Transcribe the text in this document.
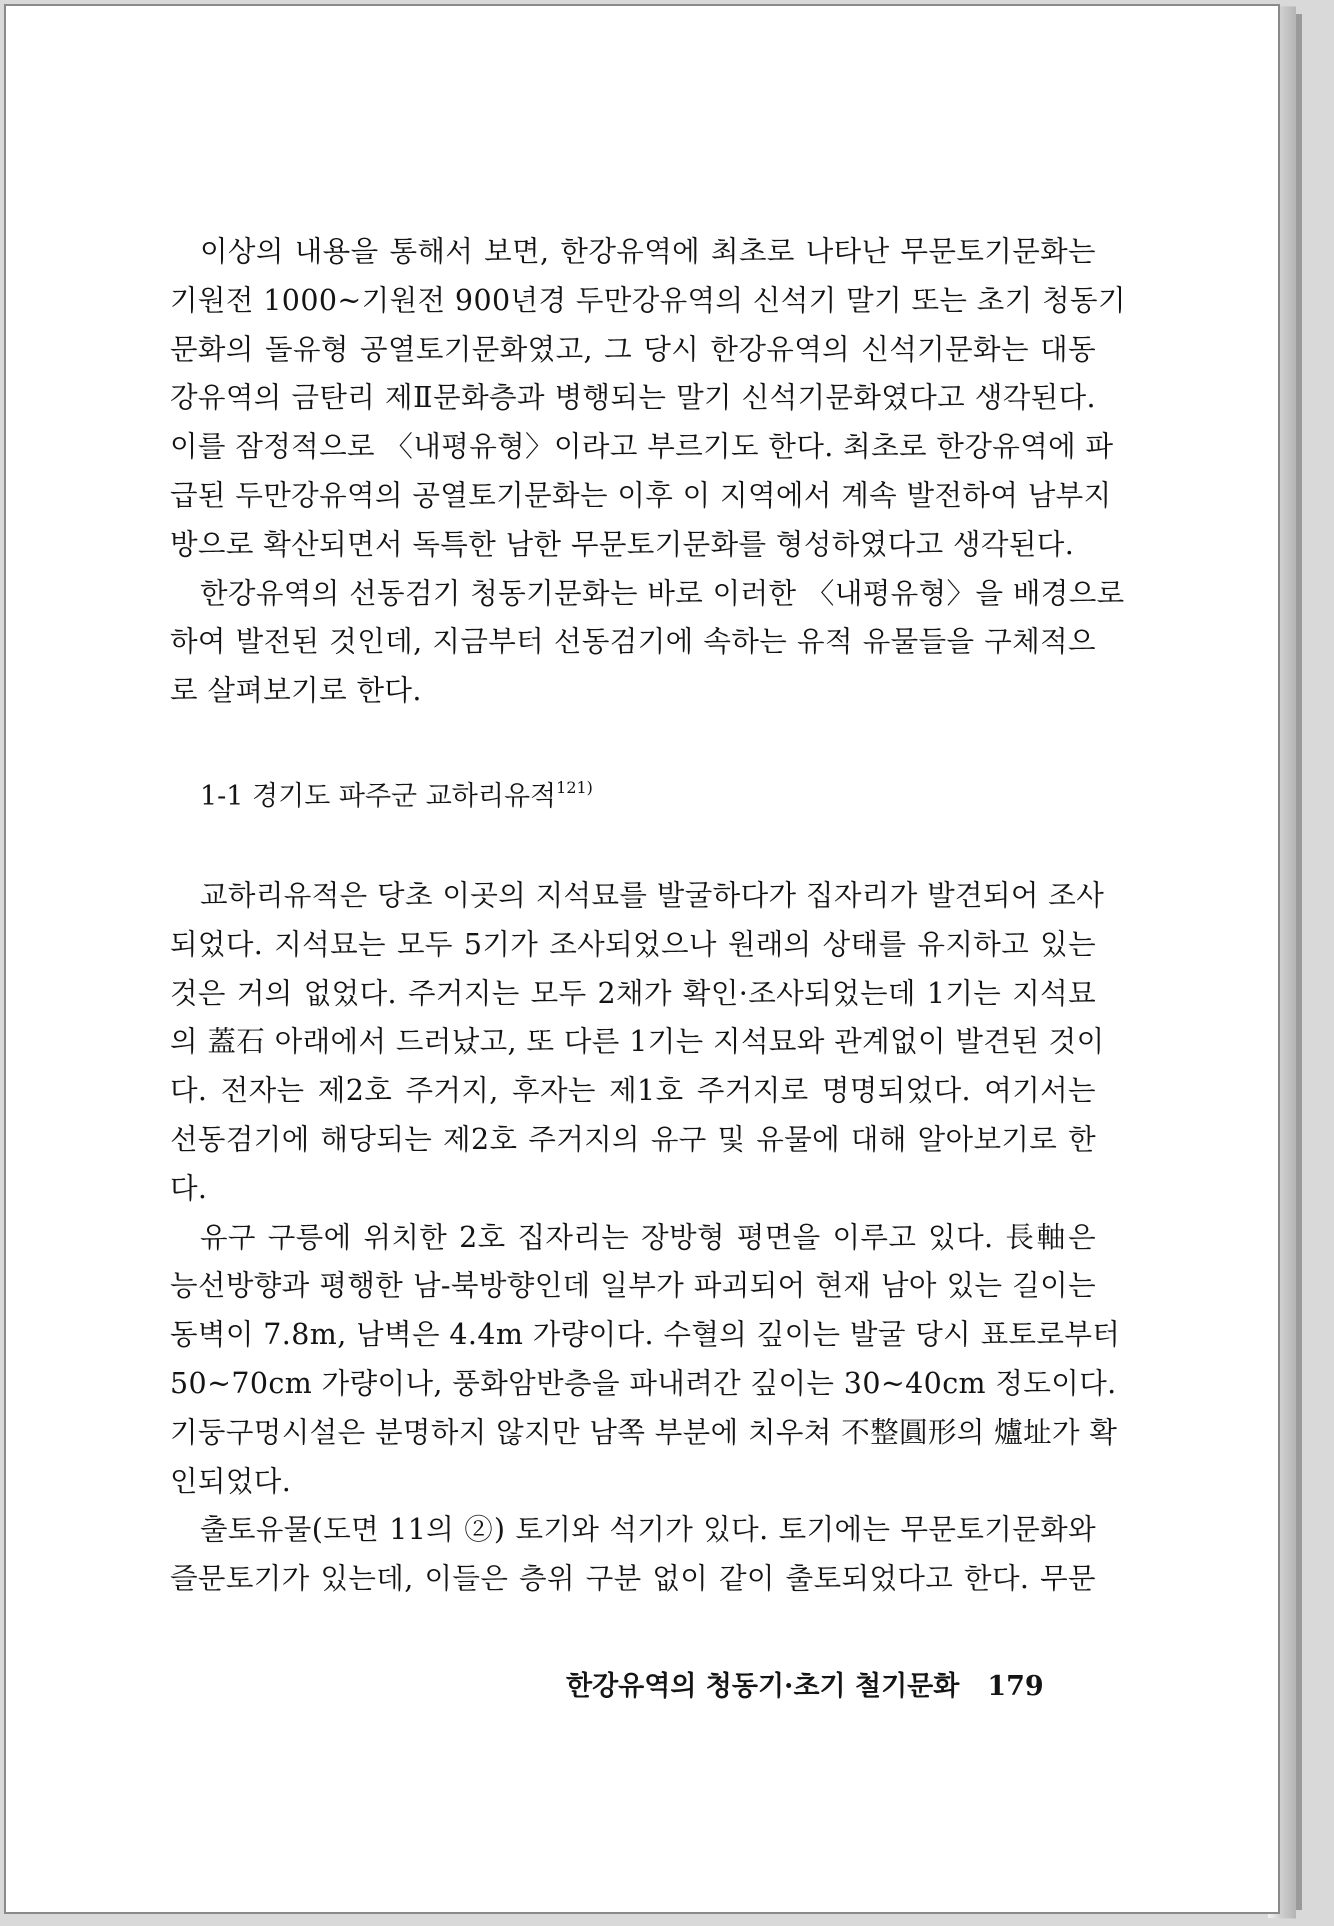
이상의 내용을 통해서 보면, 한강유역에 최초로 나타난 무문토기문화는
기원전 1000~기원전 900년경 두만강유역의 신석기 말기 또는 초기 청동기
문화의 돌유형 공열토기문화였고, 그 당시 한강유역의 신석기문화는 대동
강유역의 금탄리 제Ⅱ문화층과 병행되는 말기 신석기문화였다고 생각된다.
이를 잠정적으로 〈내평유형〉이라고 부르기도 한다. 최초로 한강유역에 파
급된 두만강유역의 공열토기문화는 이후 이 지역에서 계속 발전하여 남부지
방으로 확산되면서 독특한 남한 무문토기문화를 형성하였다고 생각된다.
한강유역의 선동검기 청동기문화는 바로 이러한 〈내평유형〉을 배경으로
하여 발전된 것인데, 지금부터 선동검기에 속하는 유적 유물들을 구체적으
로 살펴보기로 한다.
1-1 경기도 파주군 교하리유적$^{121)}$
교하리유적은 당초 이곳의 지석묘를 발굴하다가 집자리가 발견되어 조사
되었다. 지석묘는 모두 5기가 조사되었으나 원래의 상태를 유지하고 있는
것은 거의 없었다. 주거지는 모두 2채가 확인·조사되었는데 1기는 지석묘
의 蓋石 아래에서 드러났고, 또 다른 1기는 지석묘와 관계없이 발견된 것이
다. 전자는 제2호 주거지, 후자는 제1호 주거지로 명명되었다. 여기서는
선동검기에 해당되는 제2호 주거지의 유구 및 유물에 대해 알아보기로 한
다.
유구 구릉에 위치한 2호 집자리는 장방형 평면을 이루고 있다. 長軸은
능선방향과 평행한 남-북방향인데 일부가 파괴되어 현재 남아 있는 길이는
동벽이 7.8m, 남벽은 4.4m 가량이다. 수혈의 깊이는 발굴 당시 표토로부터
50~70cm 가량이나, 풍화암반층을 파내려간 깊이는 30~40cm 정도이다.
기둥구멍시설은 분명하지 않지만 남쪽 부분에 치우쳐 不整圓形의 爐址가 확
인되었다.
출토유물(도면 11의 ②) 토기와 석기가 있다. 토기에는 무문토기문화와
즐문토기가 있는데, 이들은 층위 구분 없이 같이 출토되었다고 한다. 무문
한강유역의 청동기·초기 철기문화 179
